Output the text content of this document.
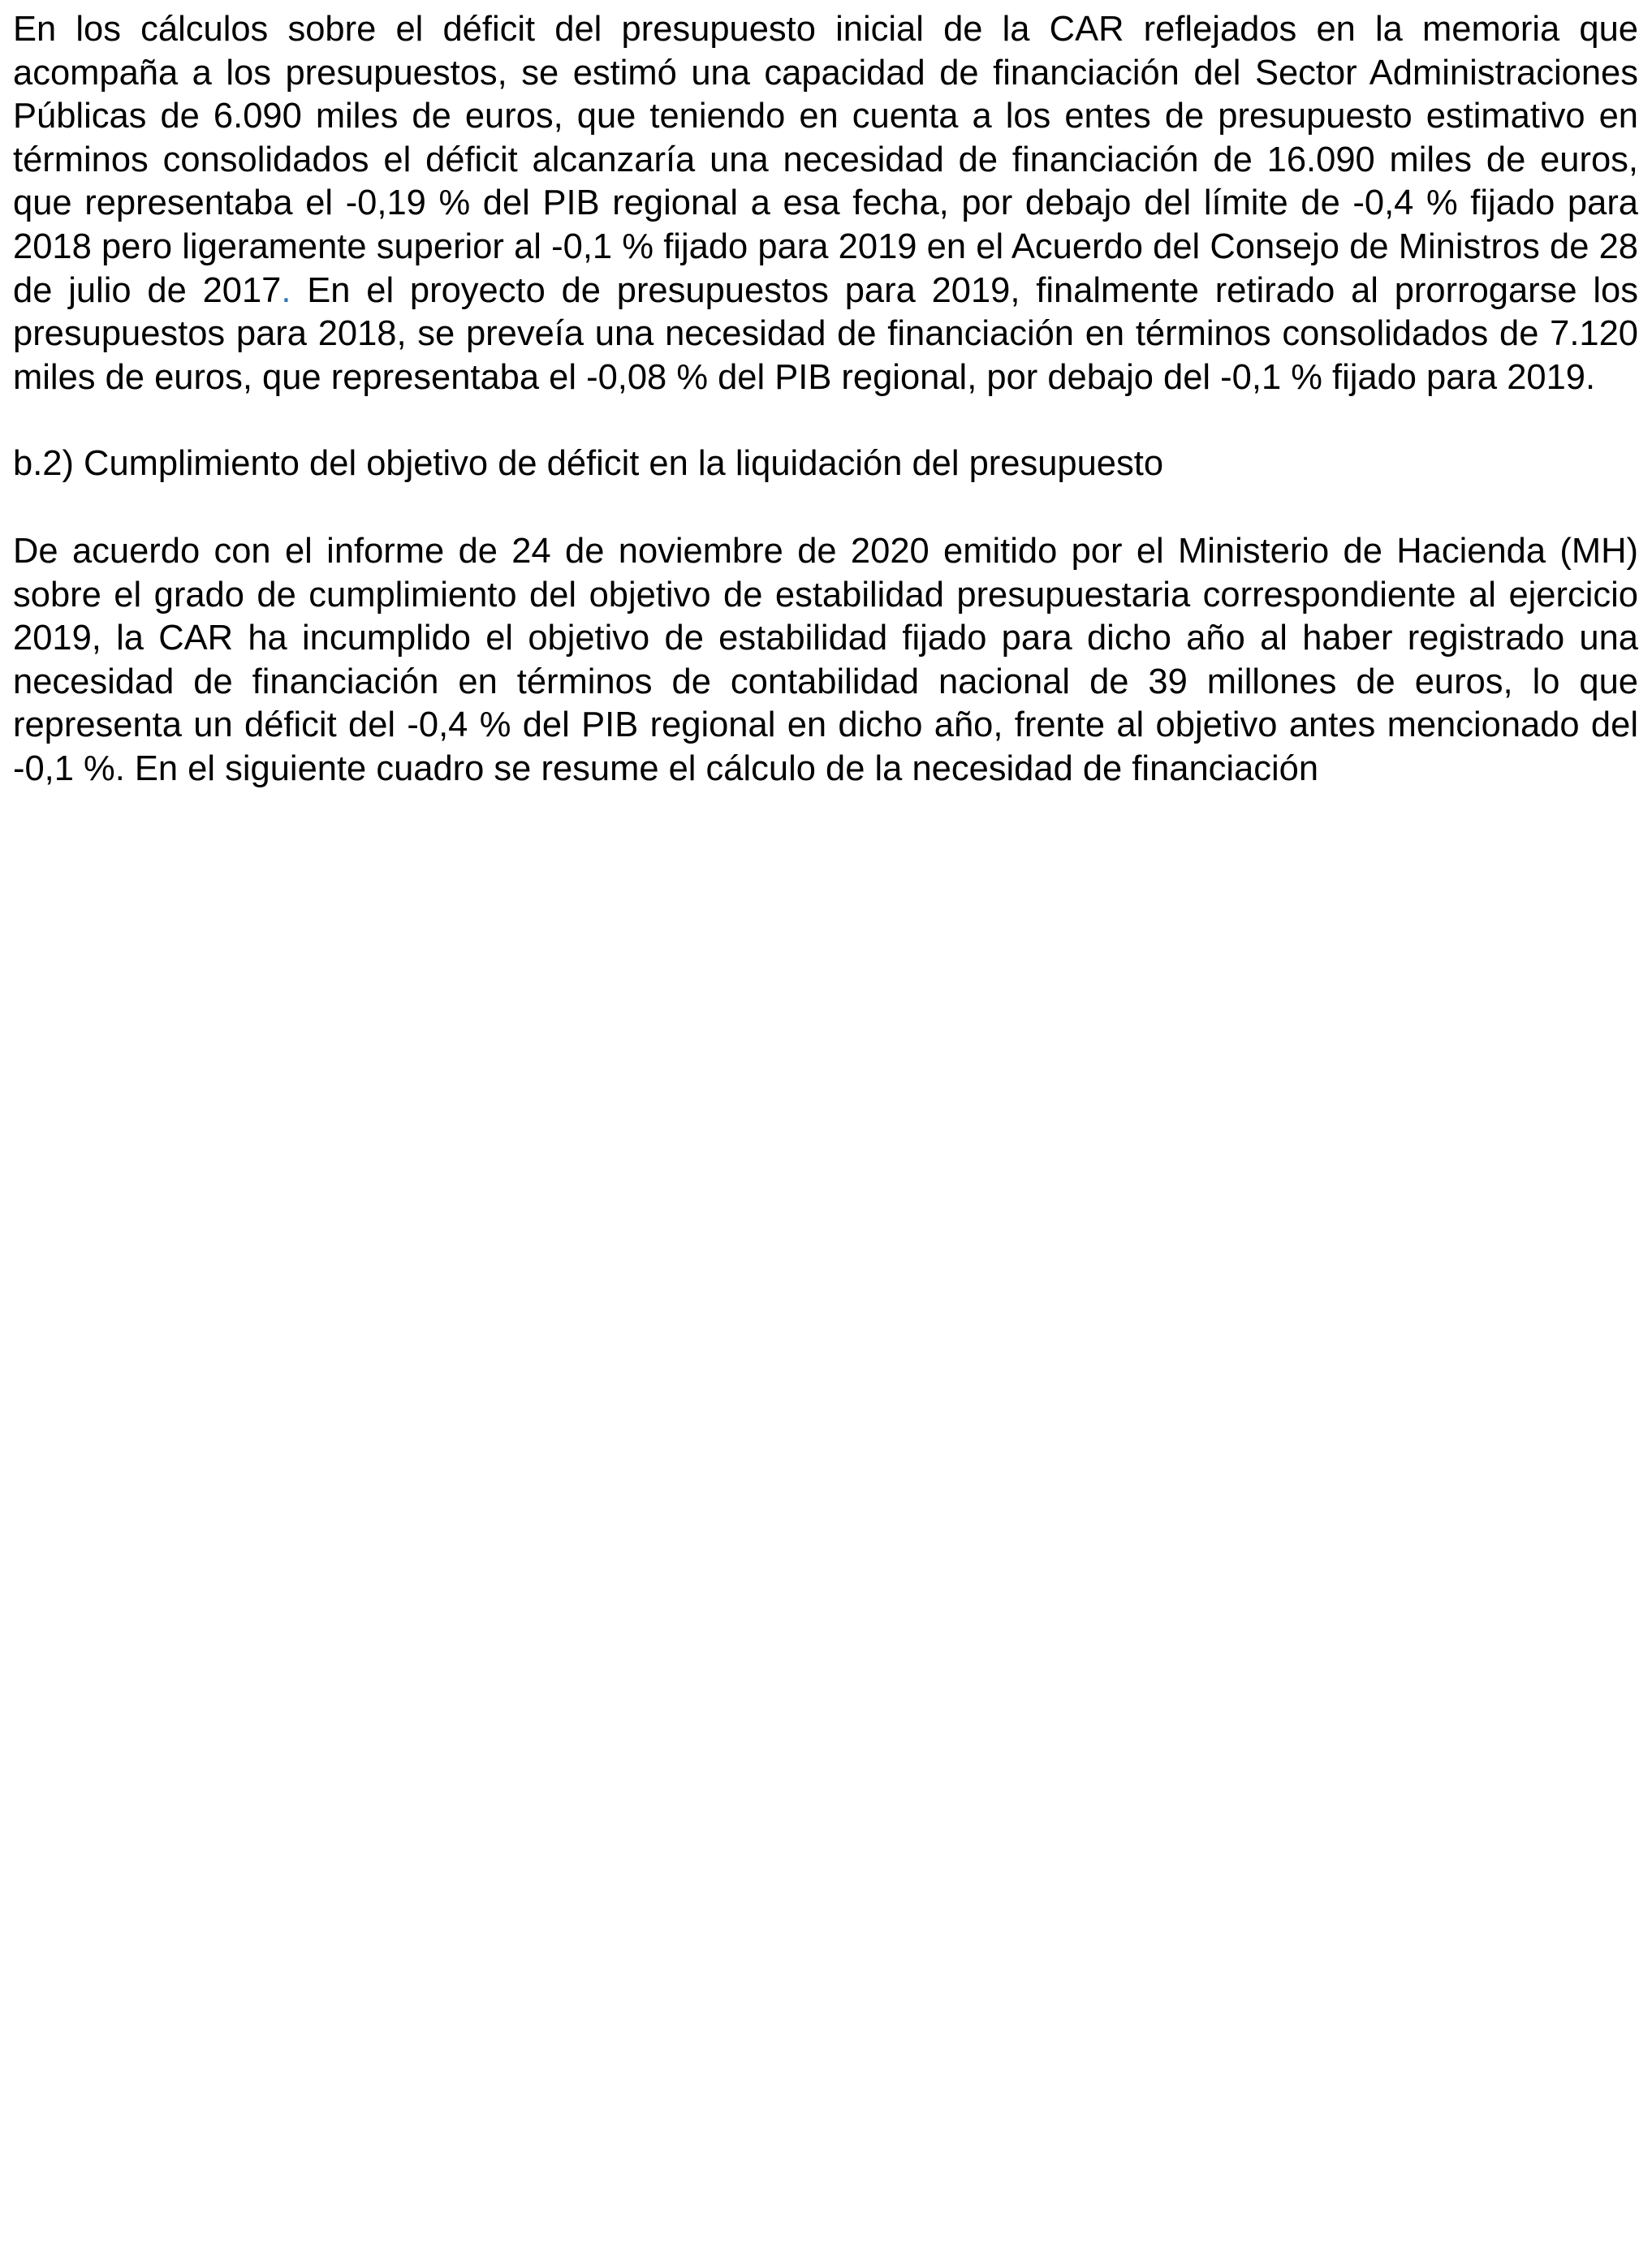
En los cálculos sobre el déficit del presupuesto inicial de la CAR reflejados en la memoria que acompaña a los presupuestos, se estimó una capacidad de financiación del Sector Administraciones Públicas de 6.090 miles de euros, que teniendo en cuenta a los entes de presupuesto estimativo en términos consolidados el déficit alcanzaría una necesidad de financiación de 16.090 miles de euros, que representaba el -0,19 % del PIB regional a esa fecha, por debajo del límite de -0,4 % fijado para 2018 pero ligeramente superior al -0,1 % fijado para 2019 en el Acuerdo del Consejo de Ministros de 28 de julio de 2017. En el proyecto de presupuestos para 2019, finalmente retirado al prorrogarse los presupuestos para 2018, se preveía una necesidad de financiación en términos consolidados de 7.120 miles de euros, que representaba el -0,08 % del PIB regional, por debajo del -0,1 % fijado para 2019.

b.2) Cumplimiento del objetivo de déficit en la liquidación del presupuesto

De acuerdo con el informe de 24 de noviembre de 2020 emitido por el Ministerio de Hacienda (MH) sobre el grado de cumplimiento del objetivo de estabilidad presupuestaria correspondiente al ejercicio 2019, la CAR ha incumplido el objetivo de estabilidad fijado para dicho año al haber registrado una necesidad de financiación en términos de contabilidad nacional de 39 millones de euros, lo que representa un déficit del -0,4 % del PIB regional en dicho año, frente al objetivo antes mencionado del -0,1 %. En el siguiente cuadro se resume el cálculo de la necesidad de financiación
